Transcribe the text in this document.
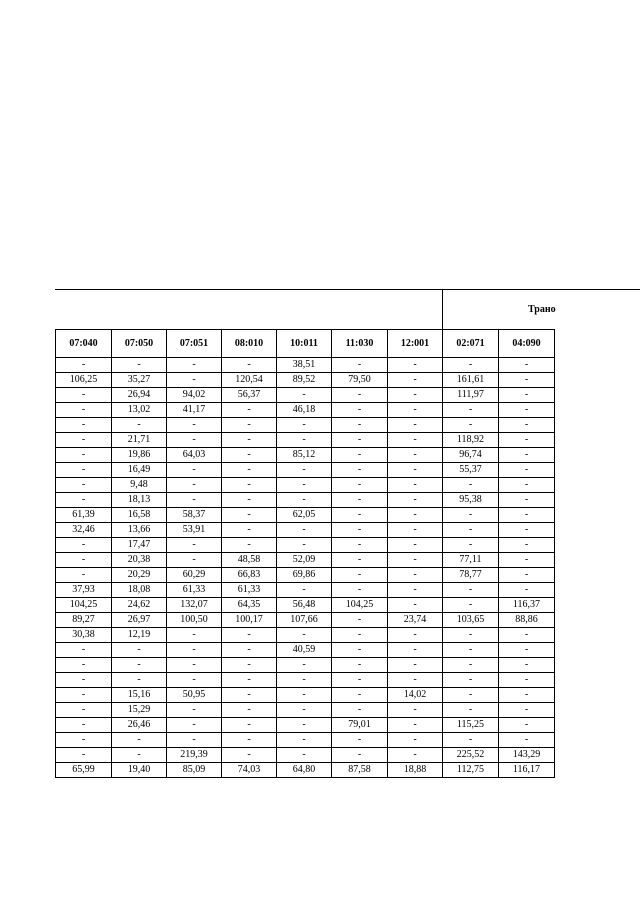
Трано
07:040	07:050	07:051	08:010	10:011	11:030	12:001	02:071	04:090
-	-	-	-	38,51	-	-	-	-
106,25	35,27	-	120,54	89,52	79,50	-	161,61	-
-	26,94	94,02	56,37	-	-	-	111,97	-
-	13,02	41,17	-	46,18	-	-	-	-
-	-	-	-	-	-	-	-	-
-	21,71	-	-	-	-	-	118,92	-
-	19,86	64,03	-	85,12	-	-	96,74	-
-	16,49	-	-	-	-	-	55,37	-
-	9,48	-	-	-	-	-	-	-
-	18,13	-	-	-	-	-	95,38	-
61,39	16,58	58,37	-	62,05	-	-	-	-
32,46	13,66	53,91	-	-	-	-	-	-
-	17,47	-	-	-	-	-	-	-
-	20,38	-	48,58	52,09	-	-	77,11	-
-	20,29	60,29	66,83	69,86	-	-	78,77	-
37,93	18,08	61,33	61,33	-	-	-	-	-
104,25	24,62	132,07	64,35	56,48	104,25	-	-	116,37
89,27	26,97	100,50	100,17	107,66	-	23,74	103,65	88,86
30,38	12,19	-	-	-	-	-	-	-
-	-	-	-	40,59	-	-	-	-
-	-	-	-	-	-	-	-	-
-	-	-	-	-	-	-	-	-
-	15,16	50,95	-	-	-	14,02	-	-
-	15,29	-	-	-	-	-	-	-
-	26,46	-	-	-	79,01	-	115,25	-
-	-	-	-	-	-	-	-	-
-	-	219,39	-	-	-	-	225,52	143,29
65,99	19,40	85,09	74,03	64,80	87,58	18,88	112,75	116,17
